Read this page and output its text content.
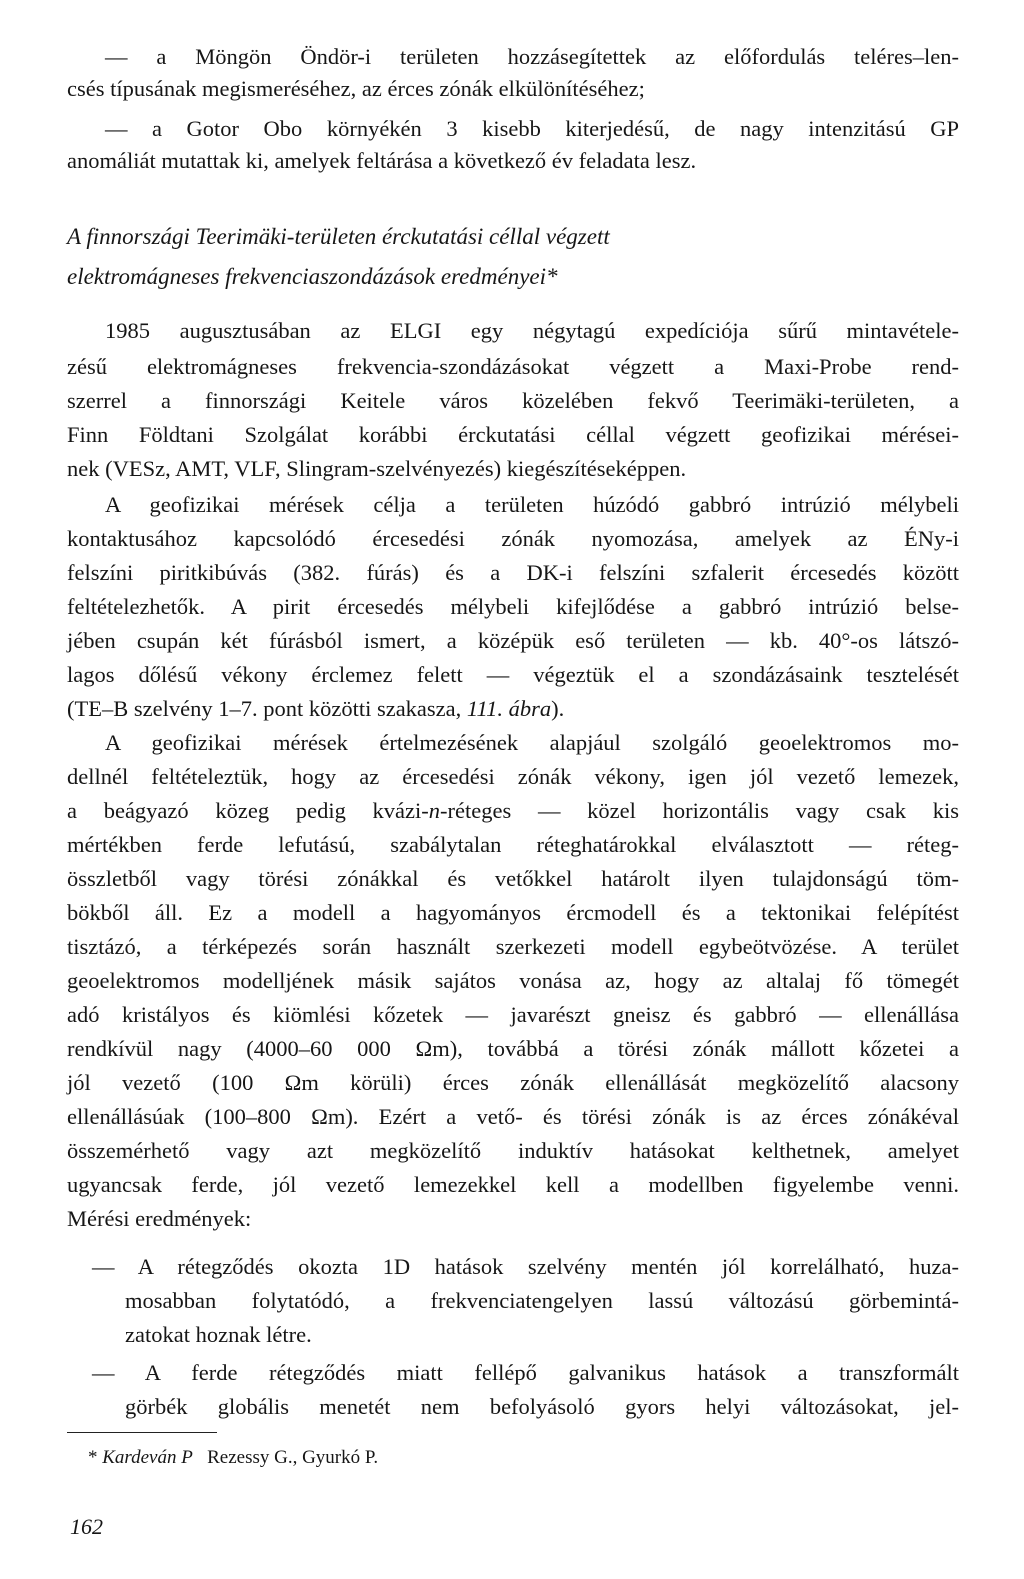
— a Möngön Öndör-i területen hozzásegítettek az előfordulás teléres–len-
csés típusának megismeréséhez, az érces zónák elkülönítéséhez;
— a Gotor Obo környékén 3 kisebb kiterjedésű, de nagy intenzitású GP
anomáliát mutattak ki, amelyek feltárása a következő év feladata lesz.
A finnországi Teerimäki-területen érckutatási céllal végzett
elektromágneses frekvenciaszondázások eredményei*
1985 augusztusában az ELGI egy négytagú expedíciója sűrű mintavétele-
zésű elektromágneses frekvencia-szondázásokat végzett a Maxi-Probe rend-
szerrel a finnországi Keitele város közelében fekvő Teerimäki-területen, a
Finn Földtani Szolgálat korábbi érckutatási céllal végzett geofizikai mérései-
nek (VESz, AMT, VLF, Slingram-szelvényezés) kiegészítéseképpen.
A geofizikai mérések célja a területen húzódó gabbró intrúzió mélybeli
kontaktusához kapcsolódó ércesedési zónák nyomozása, amelyek az ÉNy-i
felszíni piritkibúvás (382. fúrás) és a DK-i felszíni szfalerit ércesedés között
feltételezhetők. A pirit ércesedés mélybeli kifejlődése a gabbró intrúzió belse-
jében csupán két fúrásból ismert, a középük eső területen — kb. 40°-os látszó-
lagos dőlésű vékony érclemez felett — végeztük el a szondázásaink tesztelését
(TE–B szelvény 1–7. pont közötti szakasza, 111. ábra).
A geofizikai mérések értelmezésének alapjául szolgáló geoelektromos mo-
dellnél feltételeztük, hogy az ércesedési zónák vékony, igen jól vezető lemezek,
a beágyazó közeg pedig kvázi-n-réteges — közel horizontális vagy csak kis
mértékben ferde lefutású, szabálytalan réteghatárokkal elválasztott — réteg-
összletből vagy törési zónákkal és vetőkkel határolt ilyen tulajdonságú töm-
bökből áll. Ez a modell a hagyományos ércmodell és a tektonikai felépítést
tisztázó, a térképezés során használt szerkezeti modell egybeötvözése. A terület
geoelektromos modelljének másik sajátos vonása az, hogy az altalaj fő tömegét
adó kristályos és kiömlési kőzetek — javarészt gneisz és gabbró — ellenállása
rendkívül nagy (4000–60 000 Ωm), továbbá a törési zónák mállott kőzetei a
jól vezető (100 Ωm körüli) érces zónák ellenállását megközelítő alacsony
ellenállásúak (100–800 Ωm). Ezért a vető- és törési zónák is az érces zónákéval
összemérhető vagy azt megközelítő induktív hatásokat kelthetnek, amelyet
ugyancsak ferde, jól vezető lemezekkel kell a modellben figyelembe venni.
Mérési eredmények:
— A rétegződés okozta 1D hatások szelvény mentén jól korrelálható, huza-
mosabban folytatódó, a frekvenciatengelyen lassú változású görbemintá-
zatokat hoznak létre.
— A ferde rétegződés miatt fellépő galvanikus hatások a transzformált
görbék globális menetét nem befolyásoló gyors helyi változásokat, jel-
* Kardeván P Rezessy G., Gyurkó P.
162
